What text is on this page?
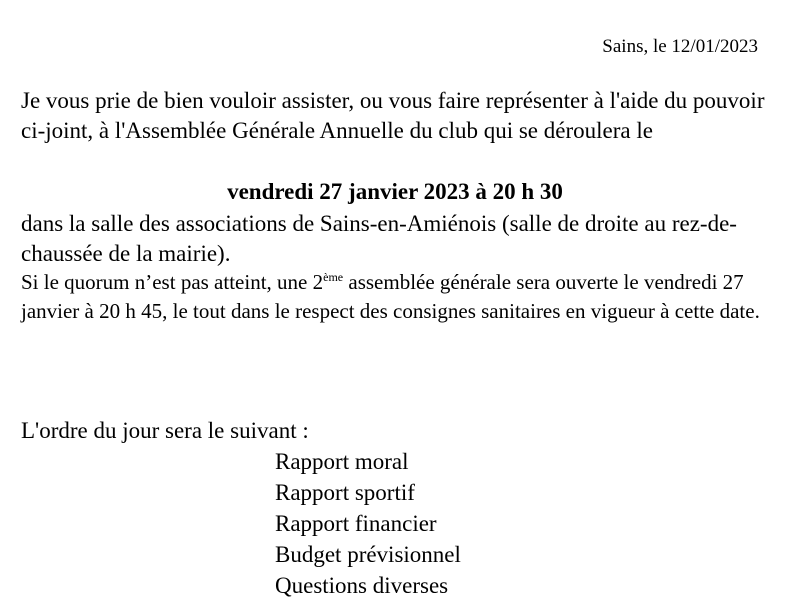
Sains, le 12/01/2023
Je vous prie de bien vouloir assister, ou vous faire représenter à l'aide du pouvoir ci-joint, à l'Assemblée Générale Annuelle du club qui se déroulera le
vendredi 27 janvier 2023 à 20 h 30
dans la salle des associations de Sains-en-Amiénois (salle de droite au rez-de-chaussée de la mairie).
Si le quorum n’est pas atteint, une 2ème assemblée générale sera ouverte le vendredi 27 janvier à 20 h 45, le tout dans le respect des consignes sanitaires en vigueur à cette date.
L'ordre du jour sera le suivant :
Rapport moral
Rapport sportif
Rapport financier
Budget prévisionnel
Questions diverses
